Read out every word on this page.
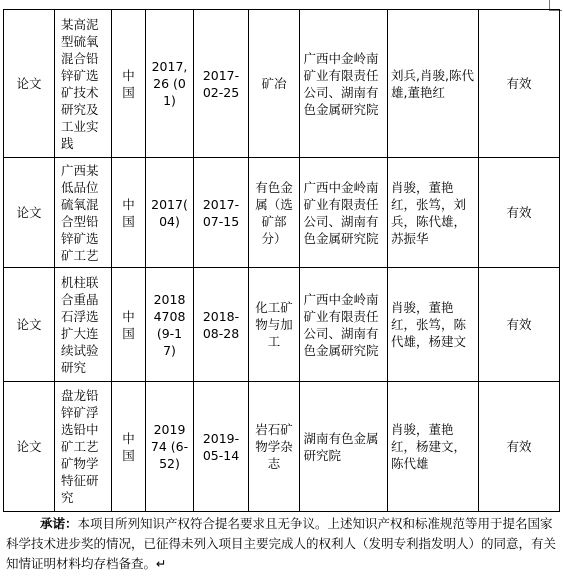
论文	某高泥型硫氧混合铅锌矿选矿技术研究及工业实践	中国	2017, 26 (01)	2017-02-25	矿冶	广西中金岭南矿业有限责任公司、湖南有色金属研究院	刘兵,肖骏,陈代雄,董艳红	有效
论文	广西某低品位硫氧混合型铅锌矿选矿工艺	中国	2017( 04)	2017-07-15	有色金属（选矿部分）	广西中金岭南矿业有限责任公司、湖南有色金属研究院	肖骏，董艳红，张笃，刘兵，陈代雄，苏振华	有效
论文	机柱联合重晶石浮选扩大连续试验研究	中国	20184708 (9-17)	2018-08-28	化工矿物与加工	广西中金岭南矿业有限责任公司、湖南有色金属研究院	肖骏，董艳红，张笃，陈代雄，杨建文	有效
论文	盘龙铅锌矿浮选铅中矿工艺矿物学特征研究	中国	201974 (6-52)	2019-05-14	岩石矿物学杂志	湖南有色金属研究院	肖骏，董艳红，杨建文，陈代雄	有效
承诺：本项目所列知识产权符合提名要求且无争议。上述知识产权和标准规范等用于提名国家科学技术进步奖的情况，已征得未列入项目主要完成人的权利人（发明专利指发明人）的同意，有关知情证明材料均存档备查。↵
